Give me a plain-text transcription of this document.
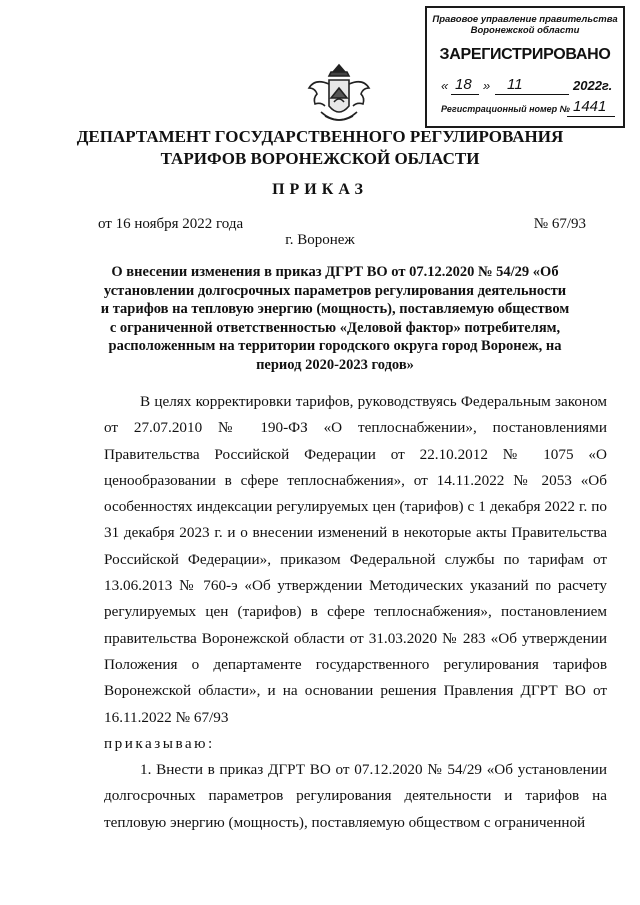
Правовое управление правительства
Воронежской области
ЗАРЕГИСТРИРОВАНО
« 18 » 11	2022г.
Регистрационный номер № 1441
ДЕПАРТАМЕНТ ГОСУДАРСТВЕННОГО РЕГУЛИРОВАНИЯ
ТАРИФОВ ВОРОНЕЖСКОЙ ОБЛАСТИ
ПРИКАЗ
от 16 ноября 2022 года	№ 67/93
г. Воронеж
О внесении изменения в приказ ДГРТ ВО от 07.12.2020 № 54/29 «Об установлении долгосрочных параметров регулирования деятельности и тарифов на тепловую энергию (мощность), поставляемую обществом с ограниченной ответственностью «Деловой фактор» потребителям, расположенным на территории городского округа город Воронеж, на период 2020-2023 годов»

В целях корректировки тарифов, руководствуясь Федеральным законом от 27.07.2010 № 190-ФЗ «О теплоснабжении», постановлениями Правительства Российской Федерации от 22.10.2012 № 1075 «О ценообразовании в сфере теплоснабжения», от 14.11.2022 № 2053 «Об особенностях индексации регулируемых цен (тарифов) с 1 декабря 2022 г. по 31 декабря 2023 г. и о внесении изменений в некоторые акты Правительства Российской Федерации», приказом Федеральной службы по тарифам от 13.06.2013 № 760-э «Об утверждении Методических указаний по расчету регулируемых цен (тарифов) в сфере теплоснабжения», постановлением правительства Воронежской области от 31.03.2020 № 283 «Об утверждении Положения о департаменте государственного регулирования тарифов Воронежской области», и на основании решения Правления ДГРТ ВО от 16.11.2022 № 67/93

приказываю:

1. Внести в приказ ДГРТ ВО от 07.12.2020 № 54/29 «Об установлении долгосрочных параметров регулирования деятельности и тарифов на тепловую энергию (мощность), поставляемую обществом с ограниченной
